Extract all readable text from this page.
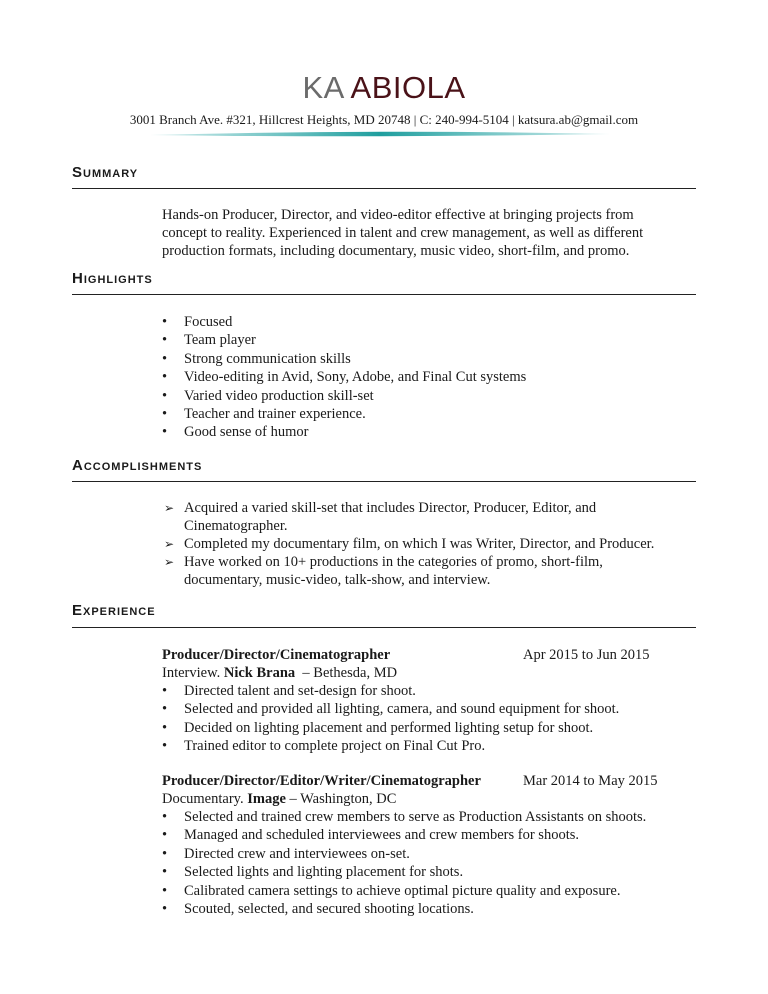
KA ABIOLA
3001 Branch Ave. #321, Hillcrest Heights, MD 20748 | C: 240-994-5104 | katsura.ab@gmail.com
Summary
Hands-on Producer, Director, and video-editor effective at bringing projects from concept to reality. Experienced in talent and crew management, as well as different production formats, including documentary, music video, short-film, and promo.
Highlights
• Focused
• Team player
• Strong communication skills
• Video-editing in Avid, Sony, Adobe, and Final Cut systems
• Varied video production skill-set
• Teacher and trainer experience.
• Good sense of humor
Accomplishments
➢ Acquired a varied skill-set that includes Director, Producer, Editor, and Cinematographer.
➢ Completed my documentary film, on which I was Writer, Director, and Producer.
➢ Have worked on 10+ productions in the categories of promo, short-film, documentary, music-video, talk-show, and interview.
Experience
Producer/Director/Cinematographer	Apr 2015 to Jun 2015
Interview. Nick Brana  – Bethesda, MD
• Directed talent and set-design for shoot.
• Selected and provided all lighting, camera, and sound equipment for shoot.
• Decided on lighting placement and performed lighting setup for shoot.
• Trained editor to complete project on Final Cut Pro.
Producer/Director/Editor/Writer/Cinematographer	Mar 2014 to May 2015
Documentary. Image – Washington, DC
• Selected and trained crew members to serve as Production Assistants on shoots.
• Managed and scheduled interviewees and crew members for shoots.
• Directed crew and interviewees on-set.
• Selected lights and lighting placement for shots.
• Calibrated camera settings to achieve optimal picture quality and exposure.
• Scouted, selected, and secured shooting locations.
